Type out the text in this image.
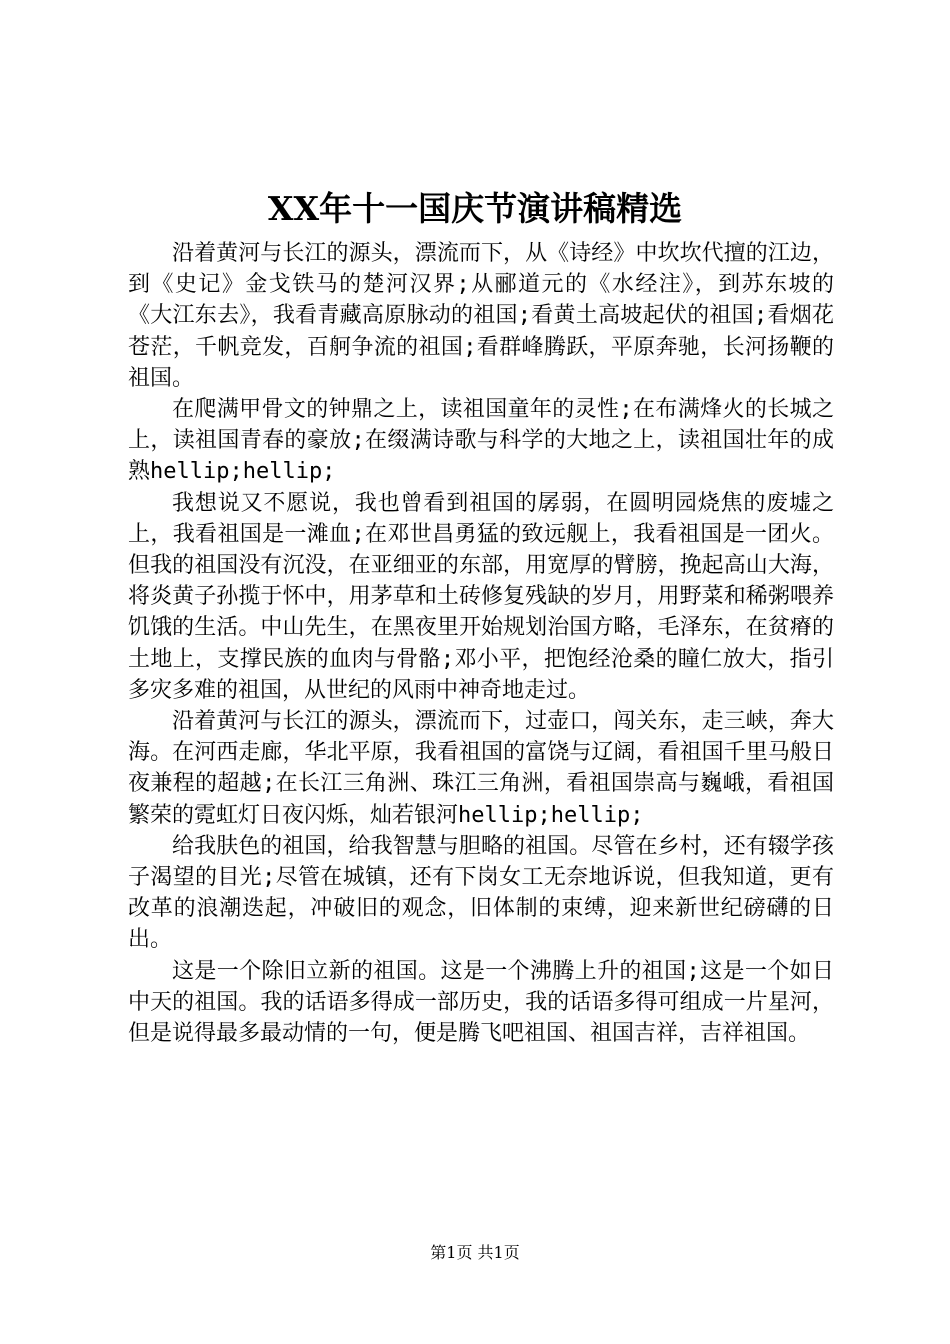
XX年十一国庆节演讲稿精选

沿着黄河与长江的源头，漂流而下，从《诗经》中坎坎代擅的江边，到《史记》金戈铁马的楚河汉界;从郦道元的《水经注》，到苏东坡的《大江东去》，我看青藏高原脉动的祖国;看黄土高坡起伏的祖国;看烟花苍茫，千帆竞发，百舸争流的祖国;看群峰腾跃，平原奔驰，长河扬鞭的祖国。

在爬满甲骨文的钟鼎之上，读祖国童年的灵性;在布满烽火的长城之上，读祖国青春的豪放;在缀满诗歌与科学的大地之上，读祖国壮年的成熟hellip;hellip;

我想说又不愿说，我也曾看到祖国的孱弱，在圆明园烧焦的废墟之上，我看祖国是一滩血;在邓世昌勇猛的致远舰上，我看祖国是一团火。但我的祖国没有沉没，在亚细亚的东部，用宽厚的臂膀，挽起高山大海，将炎黄子孙揽于怀中，用茅草和土砖修复残缺的岁月，用野菜和稀粥喂养饥饿的生活。中山先生，在黑夜里开始规划治国方略，毛泽东，在贫瘠的土地上，支撑民族的血肉与骨骼;邓小平，把饱经沧桑的瞳仁放大，指引多灾多难的祖国，从世纪的风雨中神奇地走过。

沿着黄河与长江的源头，漂流而下，过壶口，闯关东，走三峡，奔大海。在河西走廊，华北平原，我看祖国的富饶与辽阔，看祖国千里马般日夜兼程的超越;在长江三角洲、珠江三角洲，看祖国崇高与巍峨，看祖国繁荣的霓虹灯日夜闪烁，灿若银河hellip;hellip;

给我肤色的祖国，给我智慧与胆略的祖国。尽管在乡村，还有辍学孩子渴望的目光;尽管在城镇，还有下岗女工无奈地诉说，但我知道，更有改革的浪潮迭起，冲破旧的观念，旧体制的束缚，迎来新世纪磅礴的日出。

这是一个除旧立新的祖国。这是一个沸腾上升的祖国;这是一个如日中天的祖国。我的话语多得成一部历史，我的话语多得可组成一片星河，但是说得最多最动情的一句，便是腾飞吧祖国、祖国吉祥，吉祥祖国。

第1页 共1页
